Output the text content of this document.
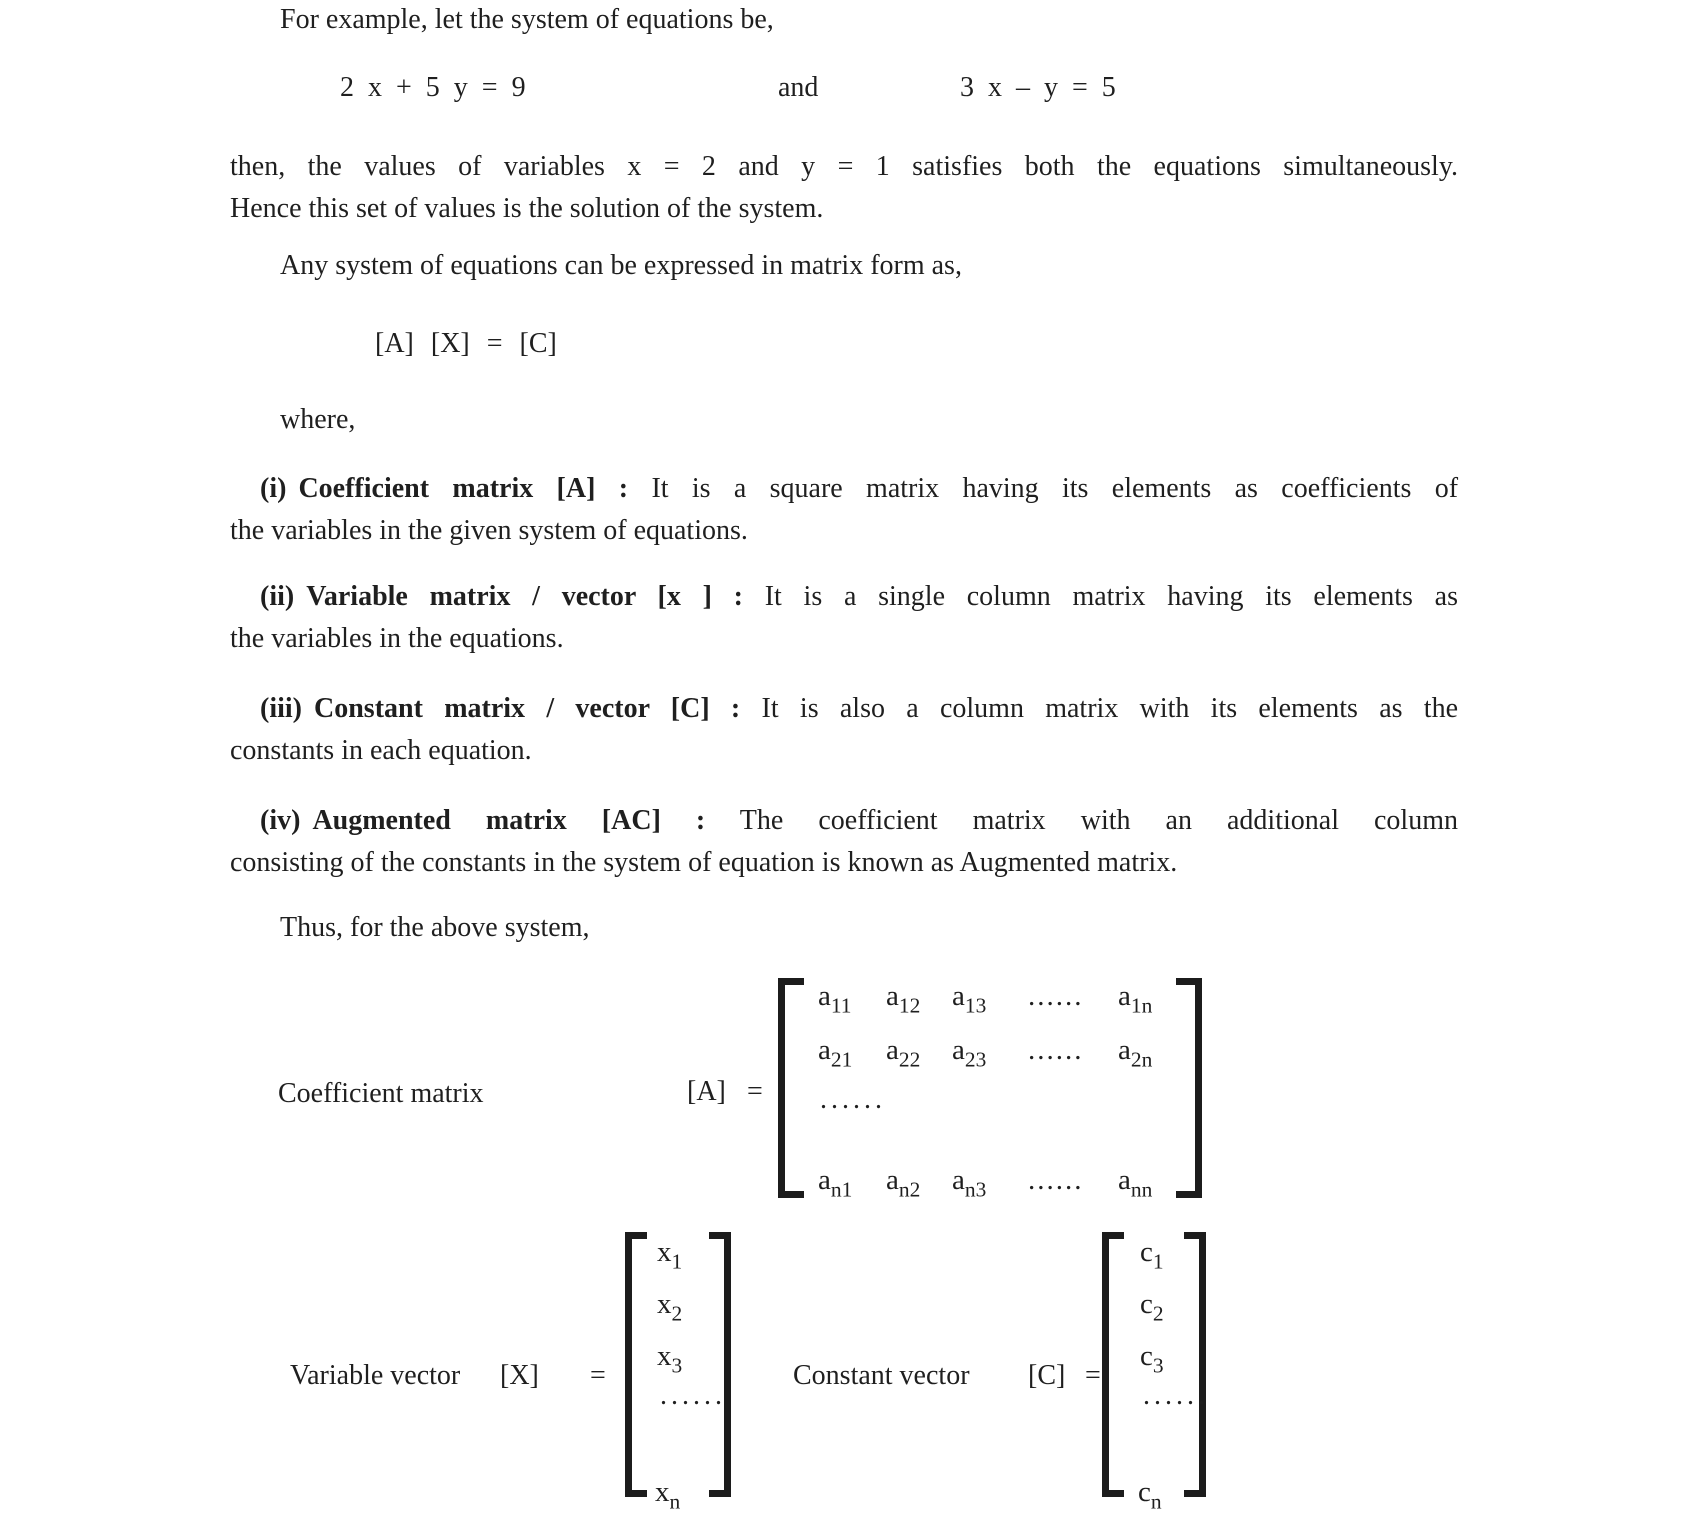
For example, let the system of equations be,
2 x + 5 y = 9	and	3 x – y = 5
then, the values of variables x = 2 and y = 1 satisfies both the equations simultaneously.
Hence this set of values is the solution of the system.
Any system of equations can be expressed in matrix form as,
[A] [X] = [C]
where,
(i) Coefficient matrix [A] : It is a square matrix having its elements as coefficients of
the variables in the given system of equations.
(ii) Variable matrix / vector [x ] : It is a single column matrix having its elements as
the variables in the equations.
(iii) Constant matrix / vector [C] : It is also a column matrix with its elements as the
constants in each equation.
(iv) Augmented matrix [AC] : The coefficient matrix with an additional column
consisting of the constants in the system of equation is known as Augmented matrix.
Thus, for the above system,
Coefficient matrix	[A] =
$a_{11}$	$a_{12}$	$a_{13}$	......	$a_{1n}$
$a_{21}$	$a_{22}$	$a_{23}$	......	$a_{2n}$
......
$a_{n1}$	$a_{n2}$	$a_{n3}$	......	$a_{nn}$
Variable vector [X] =
$x_1$
$x_2$
$x_3$
......
$x_n$
Constant vector [C] =
$c_1$
$c_2$
$c_3$
......
$c_n$
